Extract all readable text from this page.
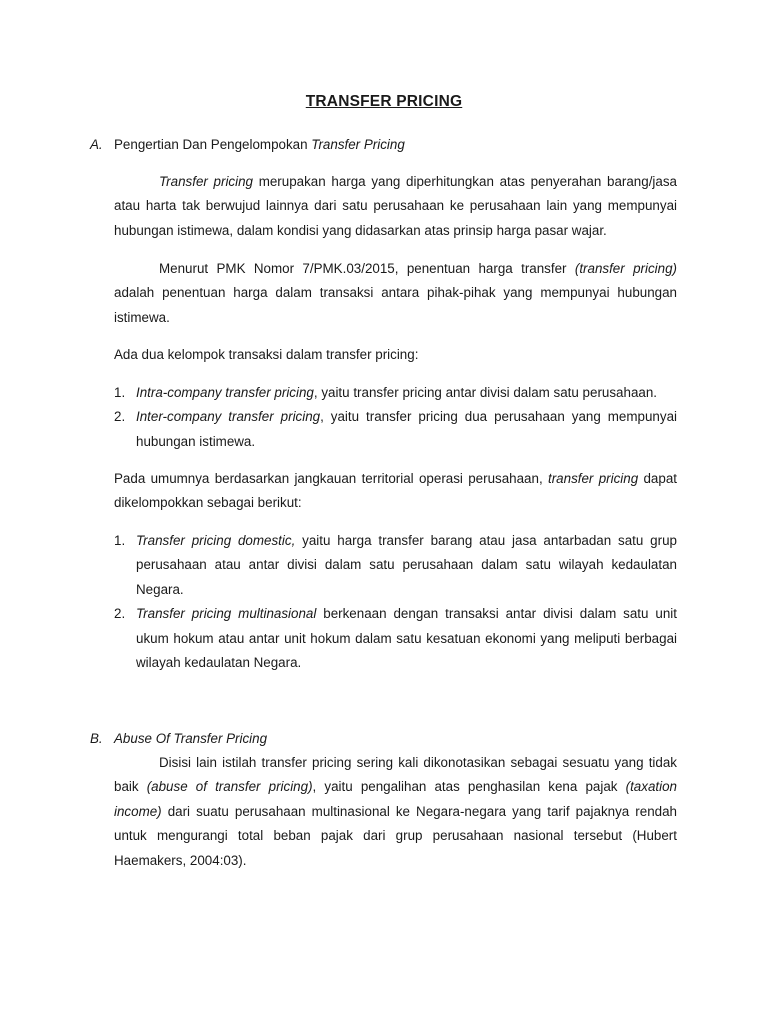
TRANSFER PRICING
A. Pengertian Dan Pengelompokan Transfer Pricing
Transfer pricing merupakan harga yang diperhitungkan atas penyerahan barang/jasa atau harta tak berwujud lainnya dari satu perusahaan ke perusahaan lain yang mempunyai hubungan istimewa, dalam kondisi yang didasarkan atas prinsip harga pasar wajar.
Menurut PMK Nomor 7/PMK.03/2015, penentuan harga transfer (transfer pricing) adalah penentuan harga dalam transaksi antara pihak-pihak yang mempunyai hubungan istimewa.
Ada dua kelompok transaksi dalam transfer pricing:
1. Intra-company transfer pricing, yaitu transfer pricing antar divisi dalam satu perusahaan.
2. Inter-company transfer pricing, yaitu transfer pricing dua perusahaan yang mempunyai hubungan istimewa.
Pada umumnya berdasarkan jangkauan territorial operasi perusahaan, transfer pricing dapat dikelompokkan sebagai berikut:
1. Transfer pricing domestic, yaitu harga transfer barang atau jasa antarbadan satu grup perusahaan atau antar divisi dalam satu perusahaan dalam satu wilayah kedaulatan Negara.
2. Transfer pricing multinasional berkenaan dengan transaksi antar divisi dalam satu unit ukum hokum atau antar unit hokum dalam satu kesatuan ekonomi yang meliputi berbagai wilayah kedaulatan Negara.
B. Abuse Of Transfer Pricing
Disisi lain istilah transfer pricing sering kali dikonotasikan sebagai sesuatu yang tidak baik (abuse of transfer pricing), yaitu pengalihan atas penghasilan kena pajak (taxation income) dari suatu perusahaan multinasional ke Negara-negara yang tarif pajaknya rendah untuk mengurangi total beban pajak dari grup perusahaan nasional tersebut (Hubert Haemakers, 2004:03).
